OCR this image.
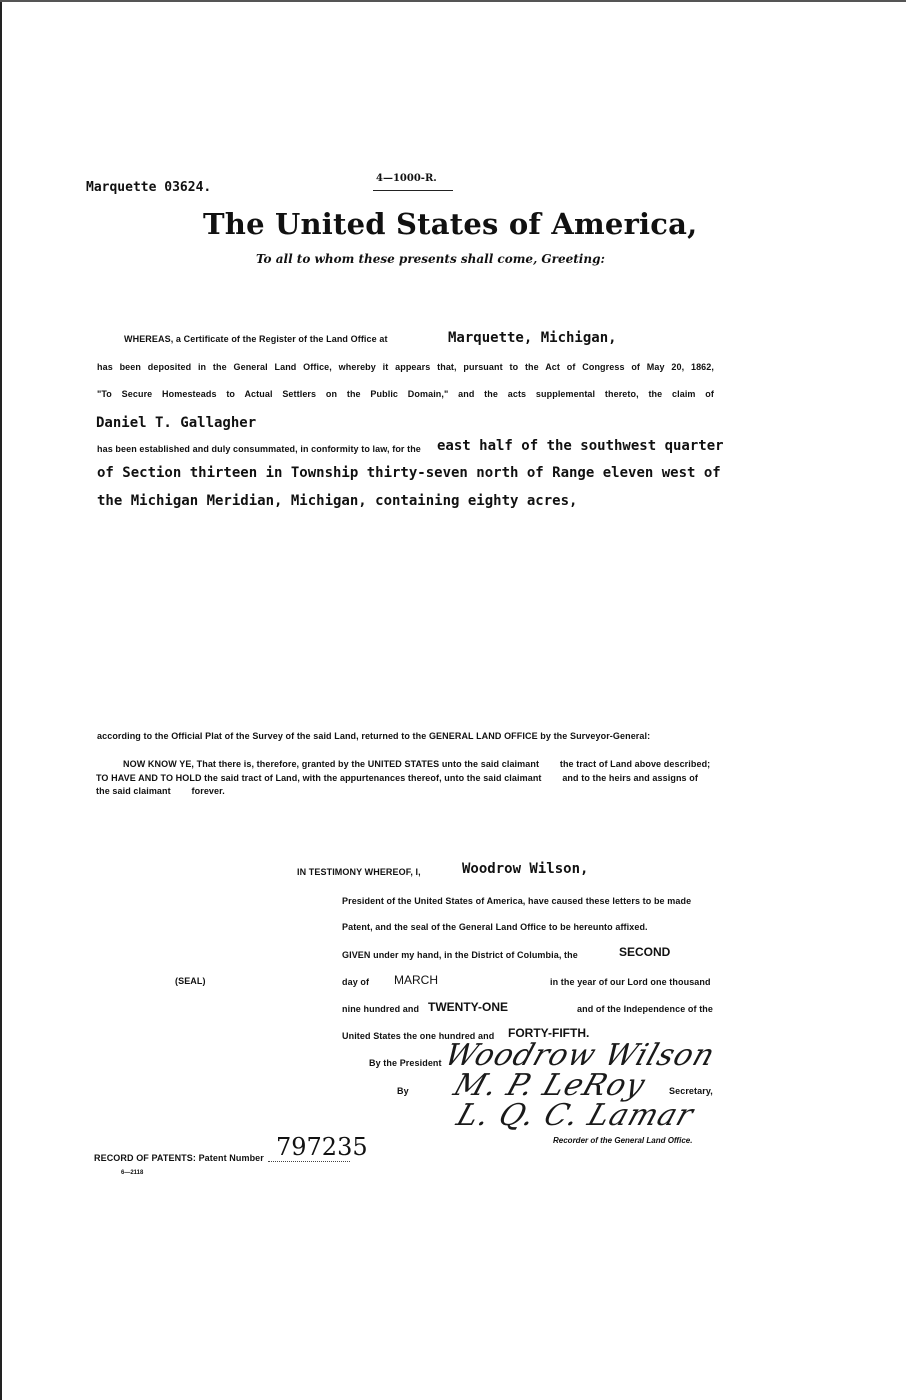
Marquette 03624.
4—1000-R.
The United States of America,
To all to whom these presents shall come, Greeting:
WHEREAS, a Certificate of the Register of the Land Office at	Marquette, Michigan,
has been deposited in the General Land Office, whereby it appears that, pursuant to the Act of Congress of May 20, 1862,
"To Secure Homesteads to Actual Settlers on the Public Domain," and the acts supplemental thereto, the claim of
Daniel T. Gallagher
has been established and duly consummated, in conformity to law, for the east half of the southwest quarter
of Section thirteen in Township thirty-seven north of Range eleven west of
the Michigan Meridian, Michigan, containing eighty acres,
according to the Official Plat of the Survey of the said Land, returned to the GENERAL LAND OFFICE by the Surveyor-General:
NOW KNOW YE, That there is, therefore, granted by the UNITED STATES unto the said claimant        the tract of Land above described;
TO HAVE AND TO HOLD the said tract of Land, with the appurtenances thereof, unto the said claimant        and to the heirs and assigns of
the said claimant        forever.
IN TESTIMONY WHEREOF, I,	Woodrow Wilson,
President of the United States of America, have caused these letters to be made
Patent, and the seal of the General Land Office to be hereunto affixed.
GIVEN under my hand, in the District of Columbia, the	SECOND
(SEAL)	day of MARCH	in the year of our Lord one thousand
nine hundred and TWENTY-ONE	and of the Independence of the
United States the one hundred and FORTY-FIFTH.
By the President
Woodrow Wilson
By M. P. LeRoy Secretary,
L. Q. C. Lamar
Recorder of the General Land Office.
RECORD OF PATENTS: Patent Number 797235
6—2118
